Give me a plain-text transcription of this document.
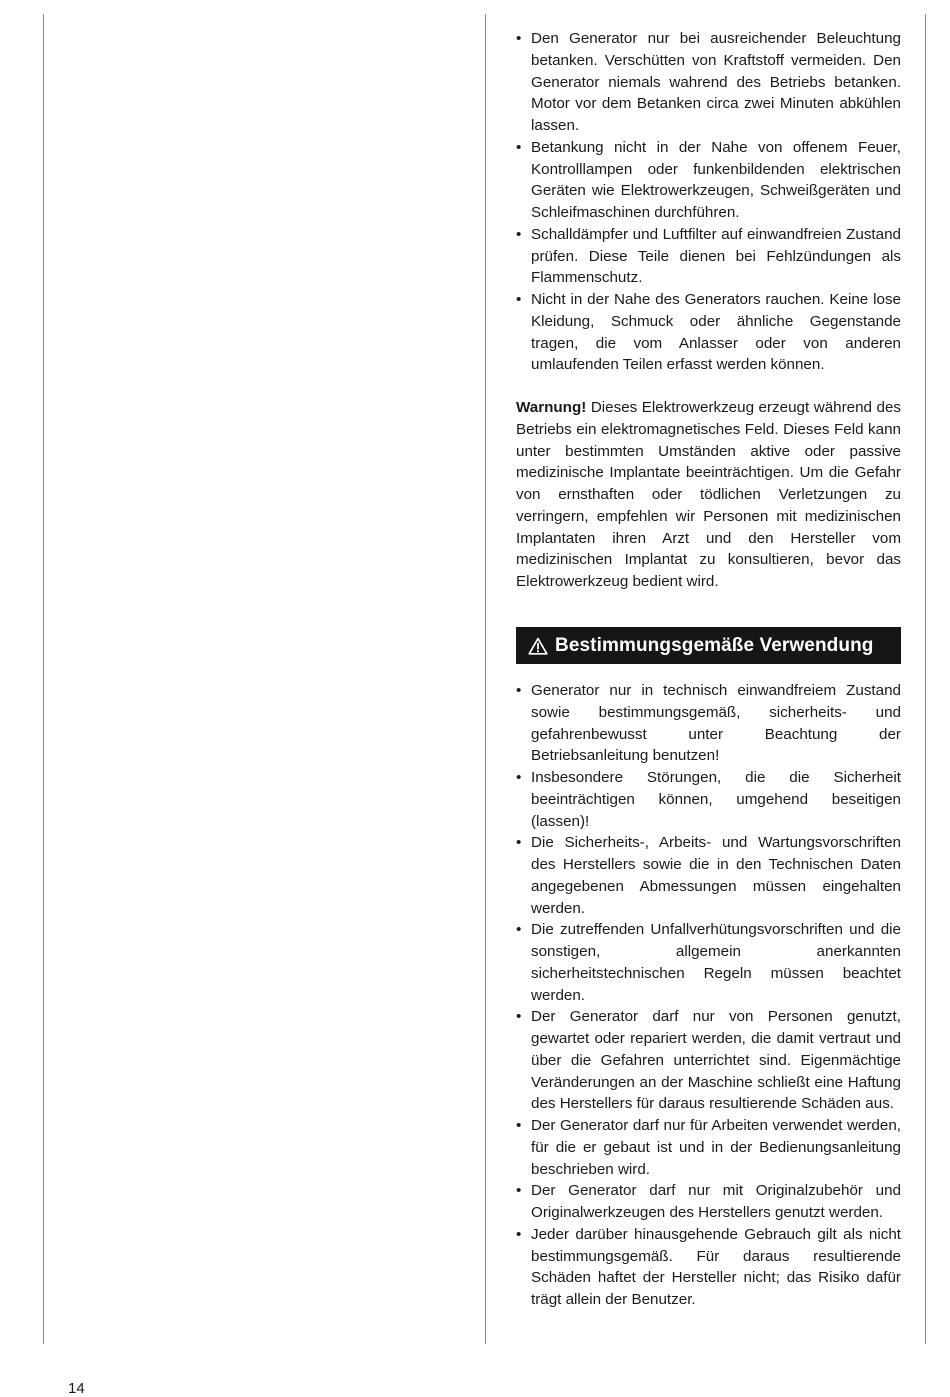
• Den Generator nur bei ausreichender Beleuchtung betanken. Verschütten von Kraftstoff vermeiden. Den Generator niemals wahrend des Betriebs betanken. Motor vor dem Betanken circa zwei Minuten abkühlen lassen.
• Betankung nicht in der Nahe von offenem Feuer, Kontrolllampen oder funkenbildenden elektrischen Geräten wie Elektrowerkzeugen, Schweißgeräten und Schleifmaschinen durchführen.
• Schalldämpfer und Luftfilter auf einwandfreien Zustand prüfen. Diese Teile dienen bei Fehlzündungen als Flammenschutz.
• Nicht in der Nahe des Generators rauchen. Keine lose Kleidung, Schmuck oder ähnliche Gegenstande tragen, die vom Anlasser oder von anderen umlaufenden Teilen erfasst werden können.

Warnung! Dieses Elektrowerkzeug erzeugt während des Betriebs ein elektromagnetisches Feld. Dieses Feld kann unter bestimmten Umständen aktive oder passive medizinische Implantate beeinträchtigen. Um die Gefahr von ernsthaften oder tödlichen Verletzungen zu verringern, empfehlen wir Personen mit medizinischen Implantaten ihren Arzt und den Hersteller vom medizinischen Implantat zu konsultieren, bevor das Elektrowerkzeug bedient wird.

Bestimmungsgemäße Verwendung
• Generator nur in technisch einwandfreiem Zustand sowie bestimmungsgemäß, sicherheits- und gefahrenbewusst unter Beachtung der Betriebsanleitung benutzen!
• Insbesondere Störungen, die die Sicherheit beeinträchtigen können, umgehend beseitigen (lassen)!
• Die Sicherheits-, Arbeits- und Wartungsvorschriften des Herstellers sowie die in den Technischen Daten angegebenen Abmessungen müssen eingehalten werden.
• Die zutreffenden Unfallverhütungsvorschriften und die sonstigen, allgemein anerkannten sicherheitstechnischen Regeln müssen beachtet werden.
• Der Generator darf nur von Personen genutzt, gewartet oder repariert werden, die damit vertraut und über die Gefahren unterrichtet sind. Eigenmächtige Veränderungen an der Maschine schließt eine Haftung des Herstellers für daraus resultierende Schäden aus.
• Der Generator darf nur für Arbeiten verwendet werden, für die er gebaut ist und in der Bedienungsanleitung beschrieben wird.
• Der Generator darf nur mit Originalzubehör und Originalwerkzeugen des Herstellers genutzt werden.
• Jeder darüber hinausgehende Gebrauch gilt als nicht bestimmungsgemäß. Für daraus resultierende Schäden haftet der Hersteller nicht; das Risiko dafür trägt allein der Benutzer.
14
